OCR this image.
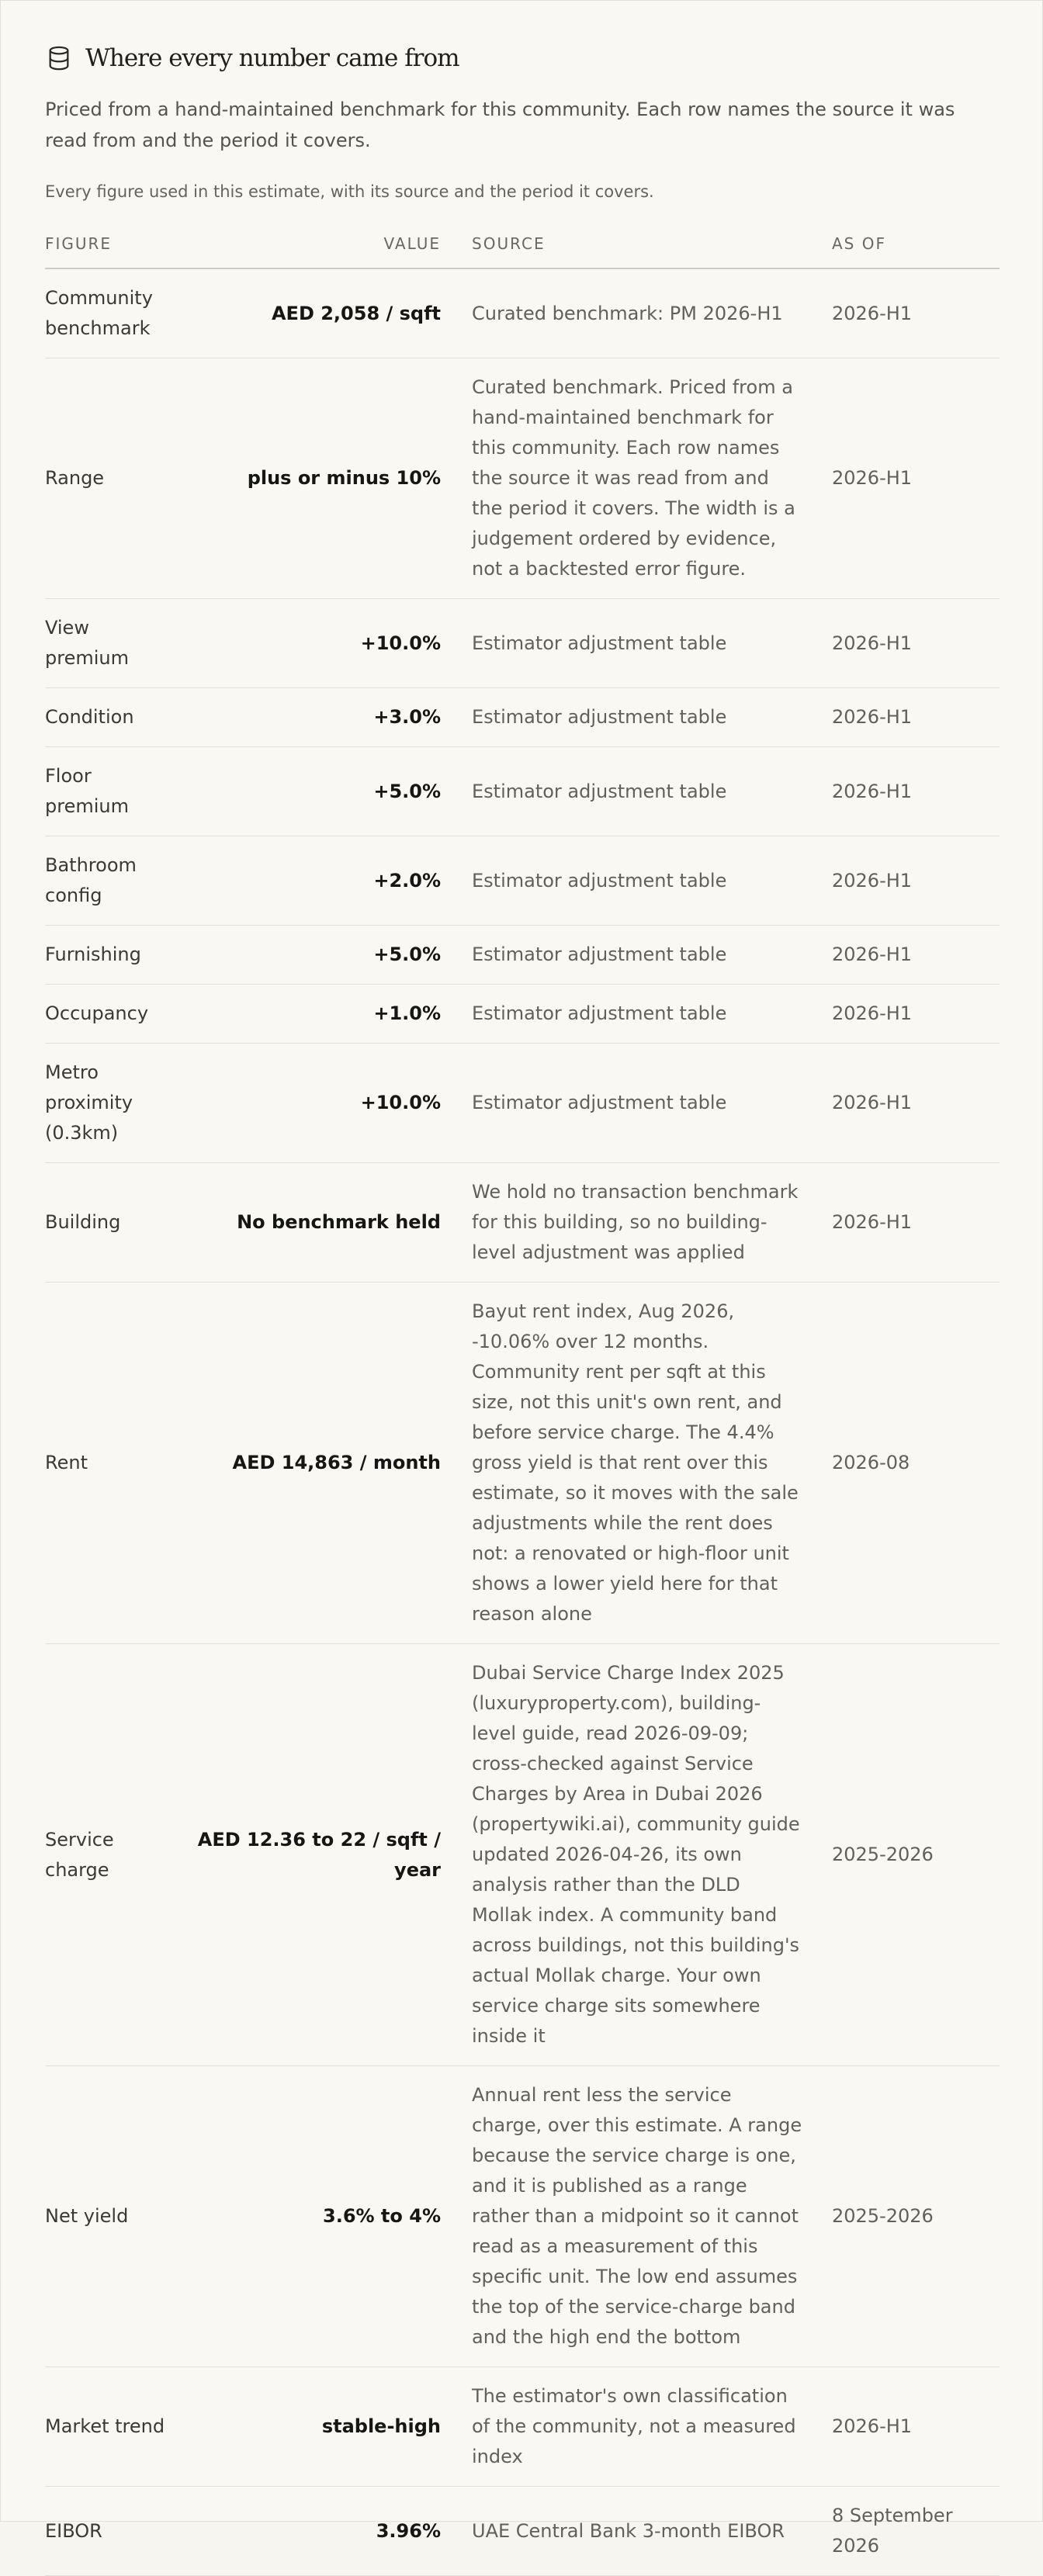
Where every number came from
Priced from a hand-maintained benchmark for this community. Each row names the source it was read from and the period it covers.
Every figure used in this estimate, with its source and the period it covers.
FIGURE	VALUE	SOURCE	AS OF
Community benchmark	AED 2,058 / sqft	Curated benchmark: PM 2026-H1	2026-H1
Range	plus or minus 10%	Curated benchmark. Priced from a hand-maintained benchmark for this community. Each row names the source it was read from and the period it covers. The width is a judgement ordered by evidence, not a backtested error figure.	2026-H1
View premium	+10.0%	Estimator adjustment table	2026-H1
Condition	+3.0%	Estimator adjustment table	2026-H1
Floor premium	+5.0%	Estimator adjustment table	2026-H1
Bathroom config	+2.0%	Estimator adjustment table	2026-H1
Furnishing	+5.0%	Estimator adjustment table	2026-H1
Occupancy	+1.0%	Estimator adjustment table	2026-H1
Metro proximity (0.3km)	+10.0%	Estimator adjustment table	2026-H1
Building	No benchmark held	We hold no transaction benchmark for this building, so no building-level adjustment was applied	2026-H1
Rent	AED 14,863 / month	Bayut rent index, Aug 2026, -10.06% over 12 months. Community rent per sqft at this size, not this unit's own rent, and before service charge. The 4.4% gross yield is that rent over this estimate, so it moves with the sale adjustments while the rent does not: a renovated or high-floor unit shows a lower yield here for that reason alone	2026-08
Service charge	AED 12.36 to 22 / sqft / year	Dubai Service Charge Index 2025 (luxuryproperty.com), building-level guide, read 2026-09-09; cross-checked against Service Charges by Area in Dubai 2026 (propertywiki.ai), community guide updated 2026-04-26, its own analysis rather than the DLD Mollak index. A community band across buildings, not this building's actual Mollak charge. Your own service charge sits somewhere inside it	2025-2026
Net yield	3.6% to 4%	Annual rent less the service charge, over this estimate. A range because the service charge is one, and it is published as a range rather than a midpoint so it cannot read as a measurement of this specific unit. The low end assumes the top of the service-charge band and the high end the bottom	2025-2026
Market trend	stable-high	The estimator's own classification of the community, not a measured index	2026-H1
EIBOR	3.96%	UAE Central Bank 3-month EIBOR	8 September 2026
